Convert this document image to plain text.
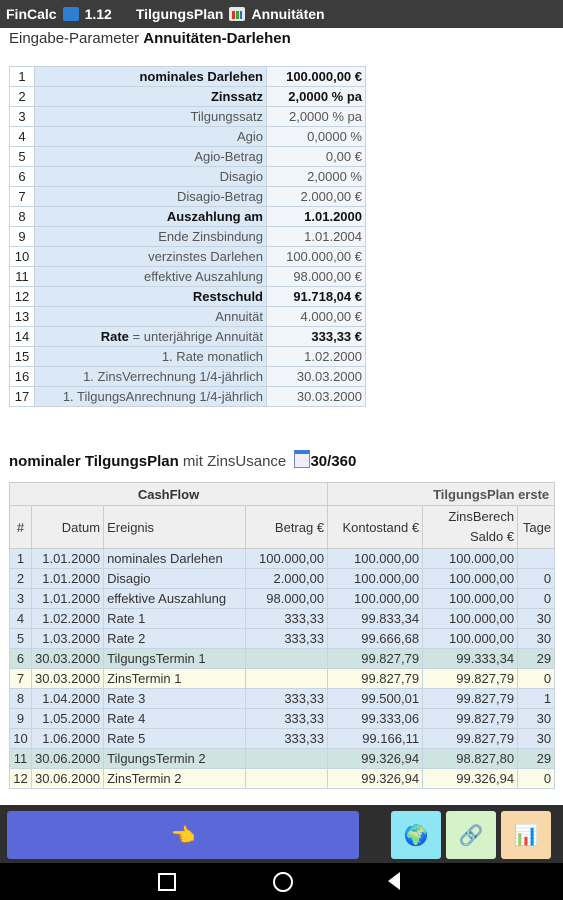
FinCalc 1.12 TilgungsPlan Annuitäten
Eingabe-Parameter Annuitäten-Darlehen
1	nominales Darlehen	100.000,00 €
2	Zinssatz	2,0000 % pa
3	Tilgungssatz	2,0000 % pa
4	Agio	0,0000 %
5	Agio-Betrag	0,00 €
6	Disagio	2,0000 %
7	Disagio-Betrag	2.000,00 €
8	Auszahlung am	1.01.2000
9	Ende Zinsbindung	1.01.2004
10	verzinstes Darlehen	100.000,00 €
11	effektive Auszahlung	98.000,00 €
12	Restschuld	91.718,04 €
13	Annuität	4.000,00 €
14	Rate = unterjährige Annuität	333,33 €
15	1. Rate monatlich	1.02.2000
16	1. ZinsVerrechnung 1/4-jährlich	30.03.2000
17	1. TilgungsAnrechnung 1/4-jährlich	30.03.2000
nominaler TilgungsPlan mit ZinsUsance 30/360
CashFlow				TilgungsPlan erste		
#	Datum	Ereignis	Betrag €	Kontostand €	ZinsBerech
Saldo €	Tage
1	1.01.2000	nominales Darlehen	100.000,00	100.000,00	100.000,00	
2	1.01.2000	Disagio	2.000,00	100.000,00	100.000,00	0
3	1.01.2000	effektive Auszahlung	98.000,00	100.000,00	100.000,00	0
4	1.02.2000	Rate 1	333,33	99.833,34	100.000,00	30
5	1.03.2000	Rate 2	333,33	99.666,68	100.000,00	30
6	30.03.2000	TilgungsTermin 1		99.827,79	99.333,34	29
7	30.03.2000	ZinsTermin 1		99.827,79	99.827,79	0
8	1.04.2000	Rate 3	333,33	99.500,01	99.827,79	1
9	1.05.2000	Rate 4	333,33	99.333,06	99.827,79	30
10	1.06.2000	Rate 5	333,33	99.166,11	99.827,79	30
11	30.06.2000	TilgungsTermin 2		99.326,94	98.827,80	29
12	30.06.2000	ZinsTermin 2		99.326,94	99.326,94	0
👈	🌍 🔗 📊
